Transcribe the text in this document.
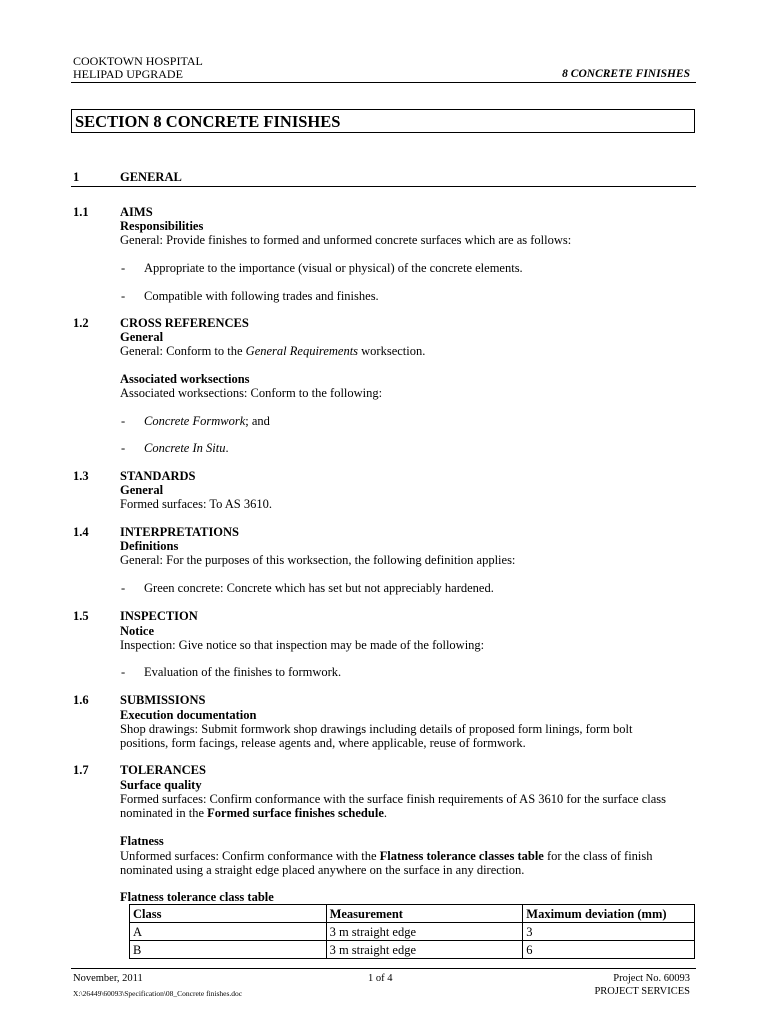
COOKTOWN HOSPITAL
HELIPAD UPGRADE	8 CONCRETE FINISHES
SECTION 8 CONCRETE FINISHES
1	GENERAL
1.1	AIMS
Responsibilities
General: Provide finishes to formed and unformed concrete surfaces which are as follows:
- Appropriate to the importance (visual or physical) of the concrete elements.
- Compatible with following trades and finishes.
1.2	CROSS REFERENCES
General
General: Conform to the General Requirements worksection.
Associated worksections
Associated worksections: Conform to the following:
- Concrete Formwork; and
- Concrete In Situ.
1.3	STANDARDS
General
Formed surfaces: To AS 3610.
1.4	INTERPRETATIONS
Definitions
General: For the purposes of this worksection, the following definition applies:
- Green concrete: Concrete which has set but not appreciably hardened.
1.5	INSPECTION
Notice
Inspection: Give notice so that inspection may be made of the following:
- Evaluation of the finishes to formwork.
1.6	SUBMISSIONS
Execution documentation
Shop drawings: Submit formwork shop drawings including details of proposed form linings, form bolt
positions, form facings, release agents and, where applicable, reuse of formwork.
1.7	TOLERANCES
Surface quality
Formed surfaces: Confirm conformance with the surface finish requirements of AS 3610 for the surface class
nominated in the Formed surface finishes schedule.
Flatness
Unformed surfaces: Confirm conformance with the Flatness tolerance classes table for the class of finish
nominated using a straight edge placed anywhere on the surface in any direction.
Flatness tolerance class table
Class	Measurement	Maximum deviation (mm)
A	3 m straight edge	3
B	3 m straight edge	6
November, 2011	1 of 4	Project No. 60093
X:\26449\60093\Specification\08_Concrete finishes.doc	PROJECT SERVICES
